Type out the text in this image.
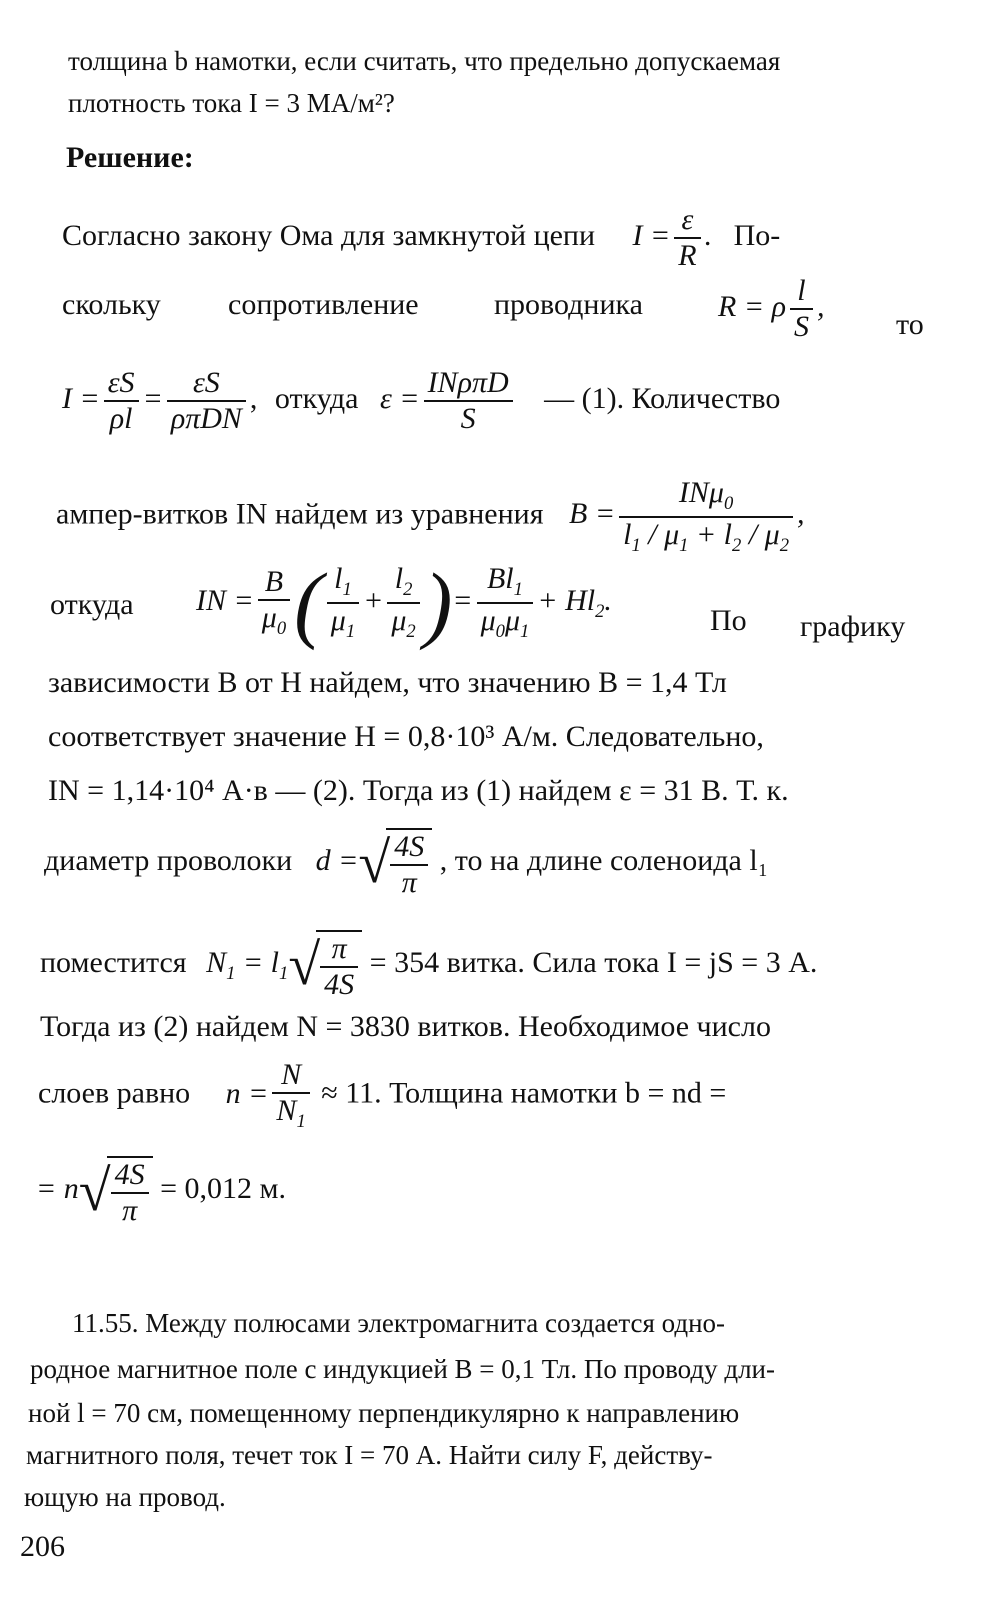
толщина b намотки, если считать, что предельно допускаемая
плотность тока I = 3 МА/м²?
Решение:
Согласно закону Ома для замкнутой цепи $I = \frac{\varepsilon}{R}$ . По-
скольку сопротивление	проводника	R = ρ $\frac{l}{S}$ ,
то
$I = \frac{\varepsilon S}{\rho l} = \frac{\varepsilon S}{\text{ρπDN}}$ , откуда $\varepsilon = \frac{\text{INρπD}}{S}$ — (1). Количество
ампер-витков IN найдем из уравнения $B = \frac{IN\mu_0}{l_1 / \mu_1 + l_2 / \mu_2}$ ,
откуда IN = $\frac{B}{\mu_0}$ ( $\frac{l_1}{\mu_1} + \frac{l_2}{\mu_2}$ )= $\frac{Bl_1}{\mu_0\mu_1} + Hl_2$.
По графику
зависимости B от H найдем, что значению B = 1,4 Тл
соответствует значение H = 0,8·10³ А/м. Следовательно,
IN = 1,14·10⁴ А·в — (2). Тогда из (1) найдем ε = 31 В. Т. к.
диаметр проволоки d =√ $\frac{4S}{\pi}$ , то на длине соленоида l₁
поместится $N_1 = l_1√ \frac{\pi}{4S} = 354$ витка. Сила тока I = jS = 3 А.
Тогда из (2) найдем N = 3830 витков. Необходимое число
слоев равно $n = \frac{N}{N_1} \approx 11$. Толщина намотки b = nd =
= $n√ \frac{4S}{\pi} = 0,012$ м.
11.55. Между полюсами электромагнита создается одно-
родное магнитное поле с индукцией B = 0,1 Тл. По проводу дли-
ной l = 70 см, помещенному перпендикулярно к направлению
магнитного поля, течет ток I = 70 А. Найти силу F, действу-
ющую на провод.
206
